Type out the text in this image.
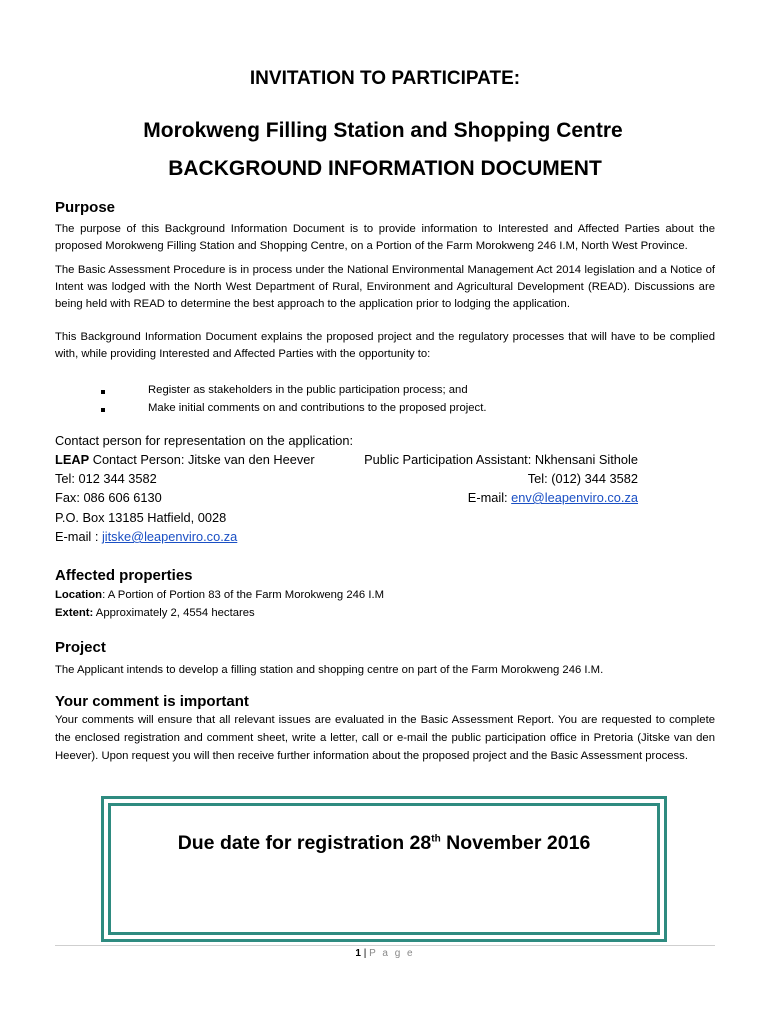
INVITATION TO PARTICIPATE:
Morokweng Filling Station and Shopping Centre
BACKGROUND INFORMATION DOCUMENT
Purpose
The purpose of this Background Information Document is to provide information to Interested and Affected Parties about the proposed Morokweng Filling Station and Shopping Centre, on a Portion of the Farm Morokweng 246 I.M, North West Province.
The Basic Assessment Procedure is in process under the National Environmental Management Act 2014 legislation and a Notice of Intent was lodged with the North West Department of Rural, Environment and Agricultural Development (READ). Discussions are being held with READ to determine the best approach to the application prior to lodging the application.
This Background Information Document explains the proposed project and the regulatory processes that will have to be complied with, while providing Interested and Affected Parties with the opportunity to:
Register as stakeholders in the public participation process; and
Make initial comments on and contributions to the proposed project.
Contact person for representation on the application:
LEAP Contact Person: Jitske van den Heever
Tel: 012 344 3582
Fax: 086 606 6130
P.O. Box 13185 Hatfield, 0028
E-mail : jitske@leapenviro.co.za
Public Participation Assistant: Nkhensani Sithole
Tel: (012) 344 3582
E-mail: env@leapenviro.co.za
Affected properties
Location: A Portion of Portion 83 of the Farm Morokweng 246 I.M
Extent: Approximately 2, 4554 hectares
Project
The Applicant intends to develop a filling station and shopping centre on part of the Farm Morokweng 246 I.M.
Your comment is important
Your comments will ensure that all relevant issues are evaluated in the Basic Assessment Report. You are requested to complete the enclosed registration and comment sheet, write a letter, call or e-mail the public participation office in Pretoria (Jitske van den Heever). Upon request you will then receive further information about the proposed project and the Basic Assessment process.
Due date for registration 28th November 2016
1 | P a g e
